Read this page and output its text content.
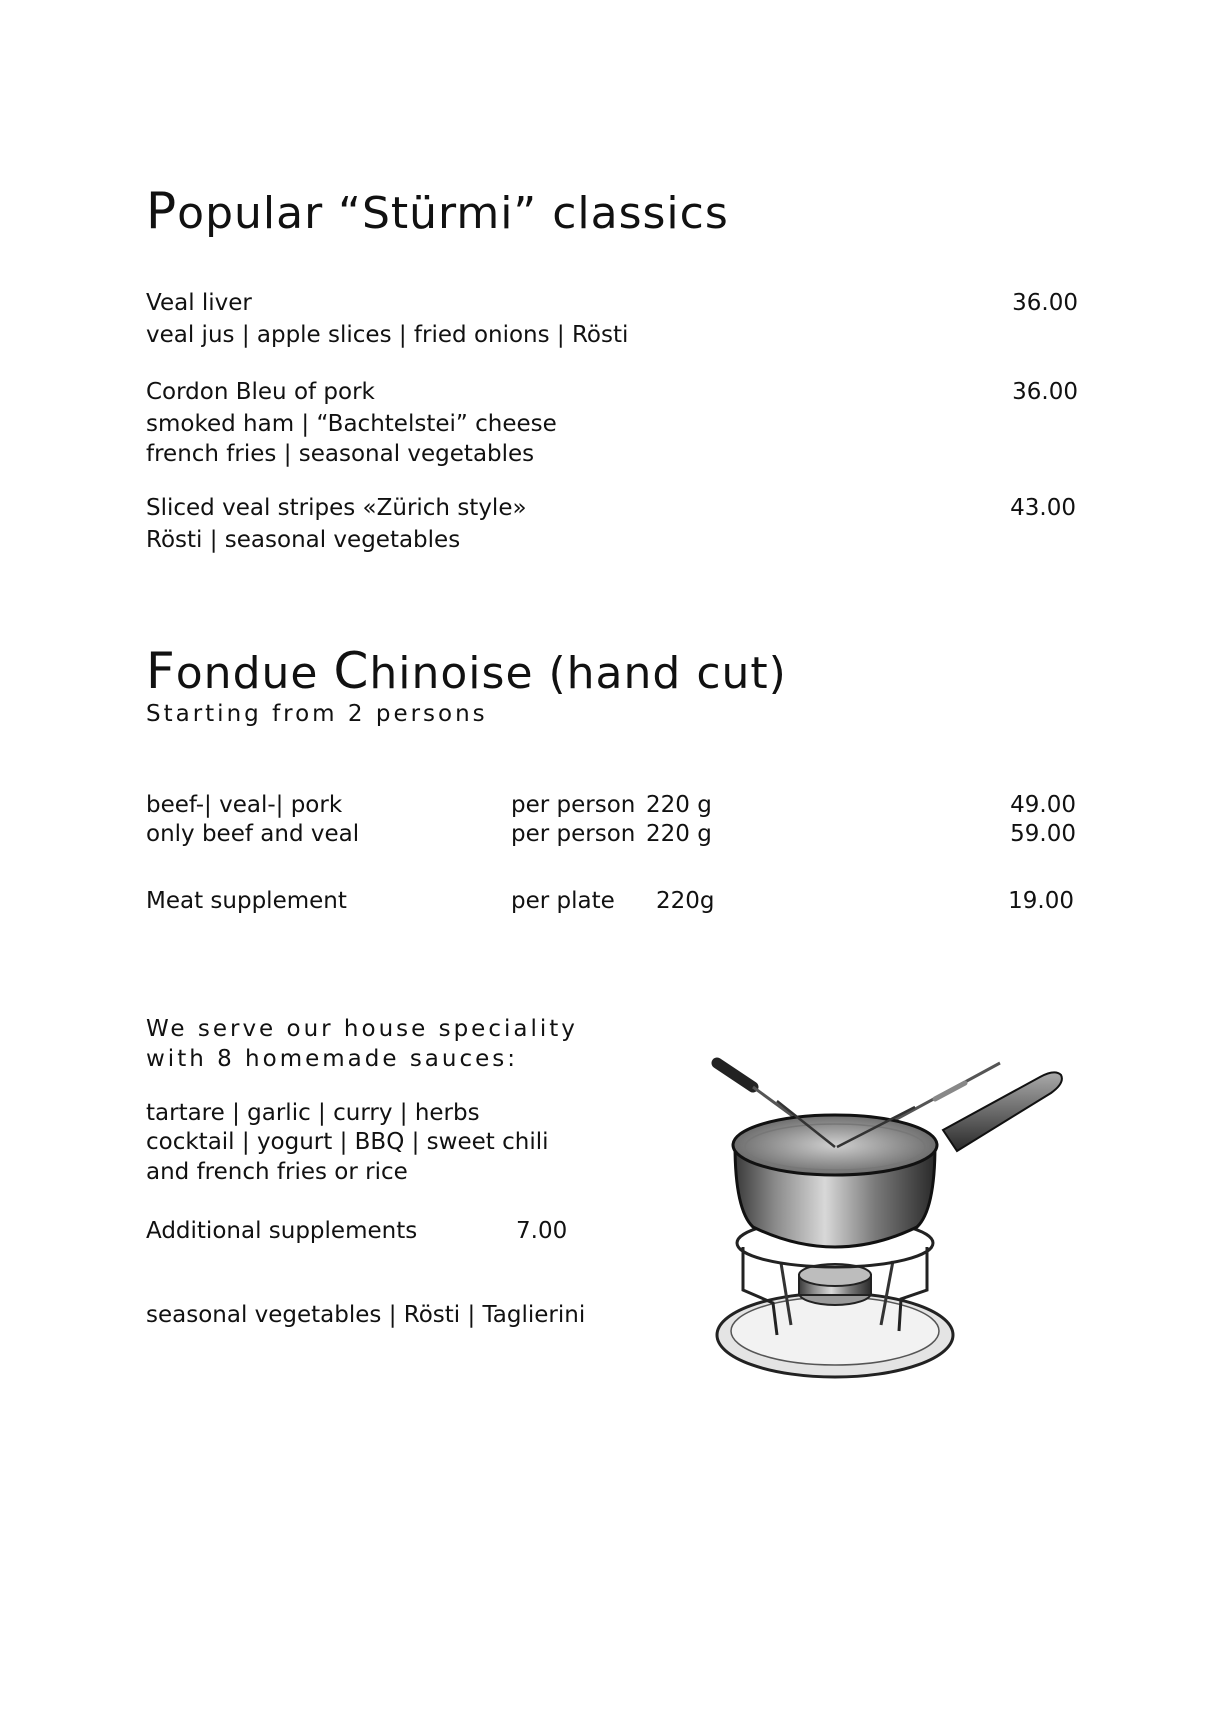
Popular “Stürmi” classics
Veal liver	36.00
veal jus | apple slices | fried onions | Rösti
Cordon Bleu of pork	36.00
smoked ham | “Bachtelstei” cheese
french fries | seasonal vegetables
Sliced veal stripes «Zürich style»	43.00
Rösti | seasonal vegetables
Fondue Chinoise (hand cut)
Starting from 2 persons
beef-| veal-| pork	per person 220 g	49.00
only beef and veal	per person 220 g	59.00
Meat supplement	per plate 220g	19.00
We serve our house speciality
with 8 homemade sauces:
tartare | garlic | curry | herbs
cocktail | yogurt | BBQ | sweet chili
and french fries or rice
Additional supplements	7.00
seasonal vegetables | Rösti | Taglierini
